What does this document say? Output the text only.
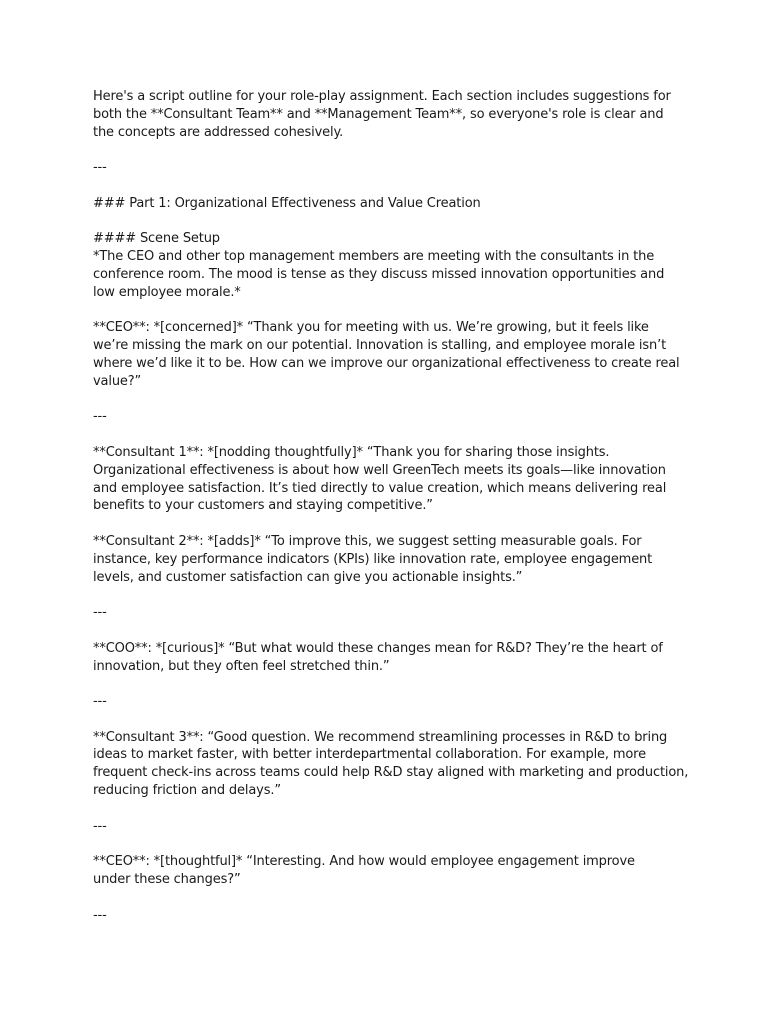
Here's a script outline for your role-play assignment. Each section includes suggestions for
both the **Consultant Team** and **Management Team**, so everyone's role is clear and
the concepts are addressed cohesively.
---
### Part 1: Organizational Effectiveness and Value Creation
#### Scene Setup
*The CEO and other top management members are meeting with the consultants in the
conference room. The mood is tense as they discuss missed innovation opportunities and
low employee morale.*
**CEO**: *[concerned]* “Thank you for meeting with us. We’re growing, but it feels like
we’re missing the mark on our potential. Innovation is stalling, and employee morale isn’t
where we’d like it to be. How can we improve our organizational effectiveness to create real
value?”
---
**Consultant 1**: *[nodding thoughtfully]* “Thank you for sharing those insights.
Organizational effectiveness is about how well GreenTech meets its goals—like innovation
and employee satisfaction. It’s tied directly to value creation, which means delivering real
benefits to your customers and staying competitive.”
**Consultant 2**: *[adds]* “To improve this, we suggest setting measurable goals. For
instance, key performance indicators (KPIs) like innovation rate, employee engagement
levels, and customer satisfaction can give you actionable insights.”
---
**COO**: *[curious]* “But what would these changes mean for R&D? They’re the heart of
innovation, but they often feel stretched thin.”
---
**Consultant 3**: “Good question. We recommend streamlining processes in R&D to bring
ideas to market faster, with better interdepartmental collaboration. For example, more
frequent check-ins across teams could help R&D stay aligned with marketing and production,
reducing friction and delays.”
---
**CEO**: *[thoughtful]* “Interesting. And how would employee engagement improve
under these changes?”
---
